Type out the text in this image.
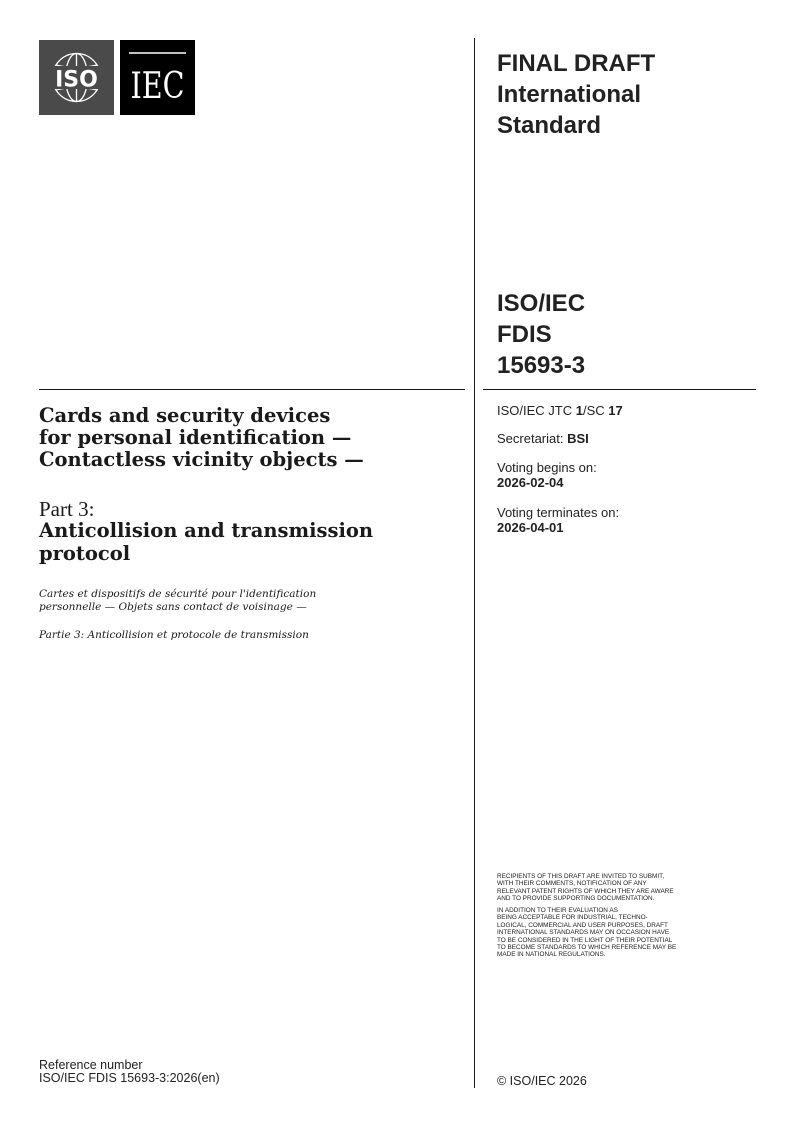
ISO IEC
FINAL DRAFT
International
Standard
ISO/IEC
FDIS
15693-3
ISO/IEC JTC 1/SC 17
Secretariat: BSI
Voting begins on:
2026-02-04
Voting terminates on:
2026-04-01
Cards and security devices
for personal identification —
Contactless vicinity objects —
Part 3:
Anticollision and transmission
protocol
Cartes et dispositifs de sécurité pour l'identification
personnelle — Objets sans contact de voisinage —
Partie 3: Anticollision et protocole de transmission
RECIPIENTS OF THIS DRAFT ARE INVITED TO SUBMIT,
WITH THEIR COMMENTS, NOTIFICATION OF ANY
RELEVANT PATENT RIGHTS OF WHICH THEY ARE AWARE
AND TO PROVIDE SUPPORTING DOCUMENTATION.
IN ADDITION TO THEIR EVALUATION AS
BEING ACCEPTABLE FOR INDUSTRIAL, TECHNO-
LOGICAL, COMMERCIAL AND USER PURPOSES, DRAFT
INTERNATIONAL STANDARDS MAY ON OCCASION HAVE
TO BE CONSIDERED IN THE LIGHT OF THEIR POTENTIAL
TO BECOME STANDARDS TO WHICH REFERENCE MAY BE
MADE IN NATIONAL REGULATIONS.
Reference number
ISO/IEC FDIS 15693-3:2026(en)	© ISO/IEC 2026
